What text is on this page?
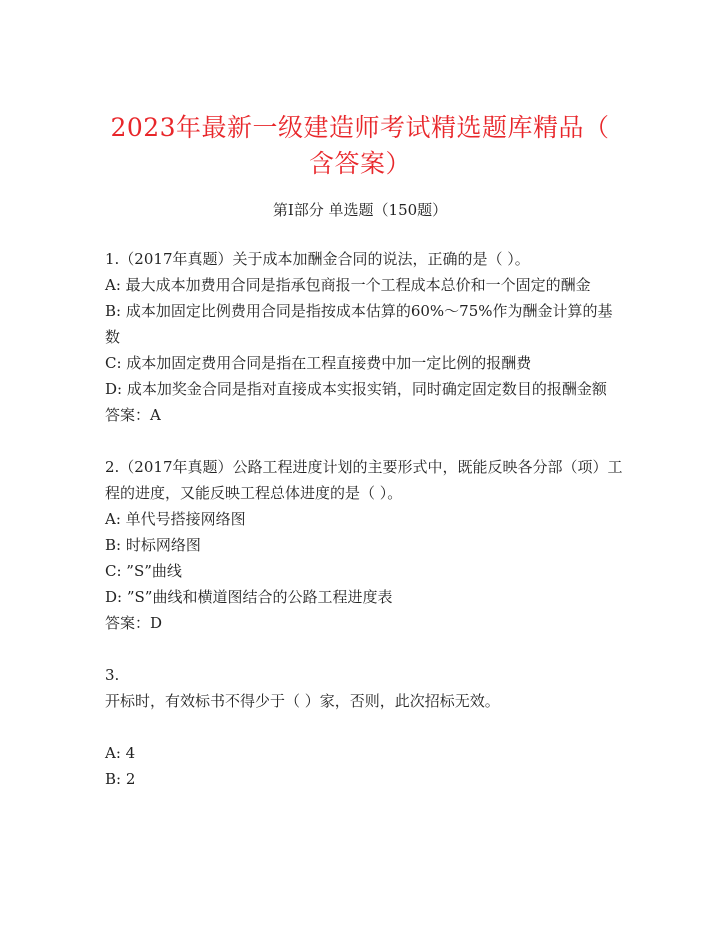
2023年最新一级建造师考试精选题库精品（
含答案）
第I部分 单选题（150题）

1.（2017年真题）关于成本加酬金合同的说法，正确的是（ ）。

A: 最大成本加费用合同是指承包商报一个工程成本总价和一个固定的酬金

B: 成本加固定比例费用合同是指按成本估算的60%～75%作为酬金计算的基数

C: 成本加固定费用合同是指在工程直接费中加一定比例的报酬费

D: 成本加奖金合同是指对直接成本实报实销，同时确定固定数目的报酬金额

答案：A

2.（2017年真题）公路工程进度计划的主要形式中，既能反映各分部（项）工程的进度，又能反映工程总体进度的是（ ）。

A: 单代号搭接网络图

B: 时标网络图

C: ”S”曲线

D: ”S”曲线和横道图结合的公路工程进度表

答案：D

3.

开标时，有效标书不得少于（ ）家，否则，此次招标无效。

A: 4

B: 2
